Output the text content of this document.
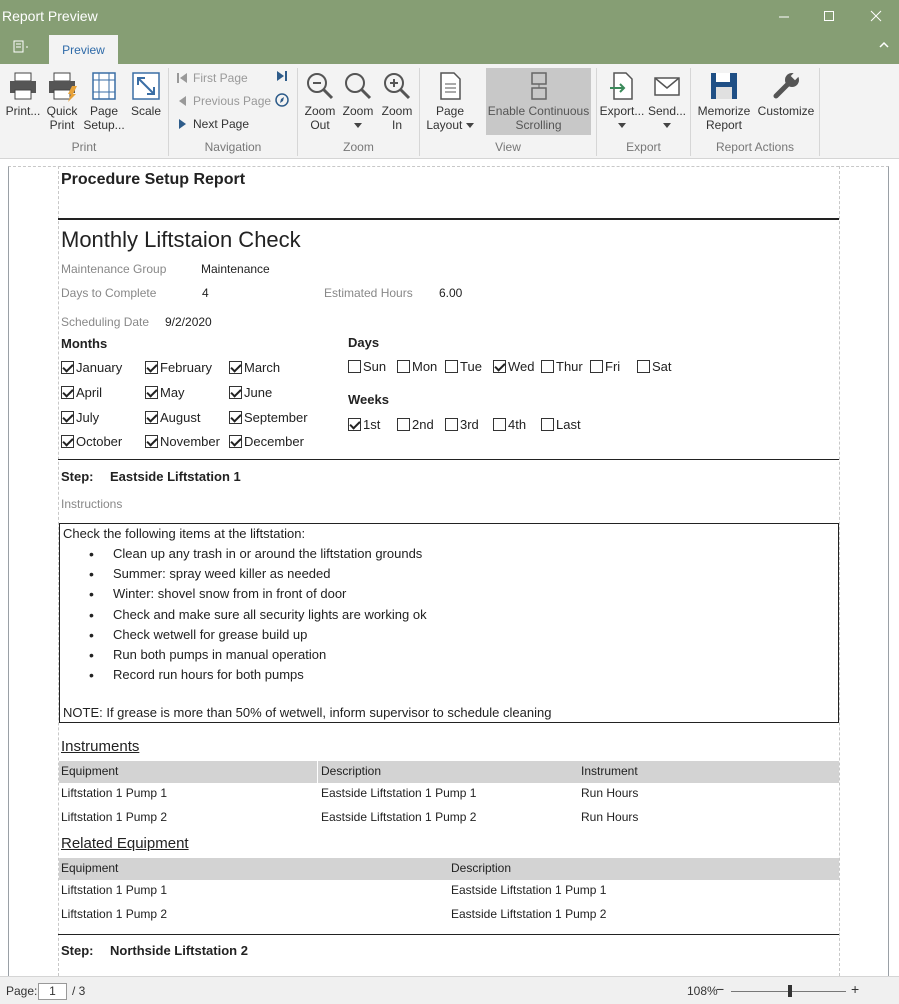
Report Preview
Preview
Print... Quick
Print
Page
Setup...
Scale
Print
First Page
Previous Page
Next Page
Navigation
Zoom
Out
Zoom Zoom
In
Zoom
Page
Layout
Enable Continuous
Scrolling
View
Export... Send...

Export
Memorize
Report
Customize
Report Actions
Procedure Setup Report
Monthly Liftstaion Check
Maintenance Group	Maintenance
Days to Complete	4	Estimated Hours 6.00
Scheduling Date 9/2/2020
Months	Days
Weeks
January	February March
April	May	June
July	August	September
October	November December
Sun Mon Tue Wed Thur Fri Sat
1st 2nd 3rd 4th Last
Step: Eastside Liftstation 1
Instructions
Check the following items at the liftstation:
• Clean up any trash in or around the liftstation grounds
• Summer: spray weed killer as needed
• Winter: shovel snow from in front of door
• Check and make sure all security lights are working ok
• Check wetwell for grease build up
• Run both pumps in manual operation
• Record run hours for both pumps
NOTE: If grease is more than 50% of wetwell, inform supervisor to schedule cleaning
Instruments
Equipment	Description	Instrument
Liftstation 1 Pump 1	Eastside Liftstation 1 Pump 1	Run Hours
Liftstation 1 Pump 2	Eastside Liftstation 1 Pump 2	Run Hours
Related Equipment
Equipment	Description
Liftstation 1 Pump 1	Eastside Liftstation 1 Pump 1
Liftstation 1 Pump 2	Eastside Liftstation 1 Pump 2
Step: Northside Liftstation 2
Page: 1	/ 3	108%
−	+
